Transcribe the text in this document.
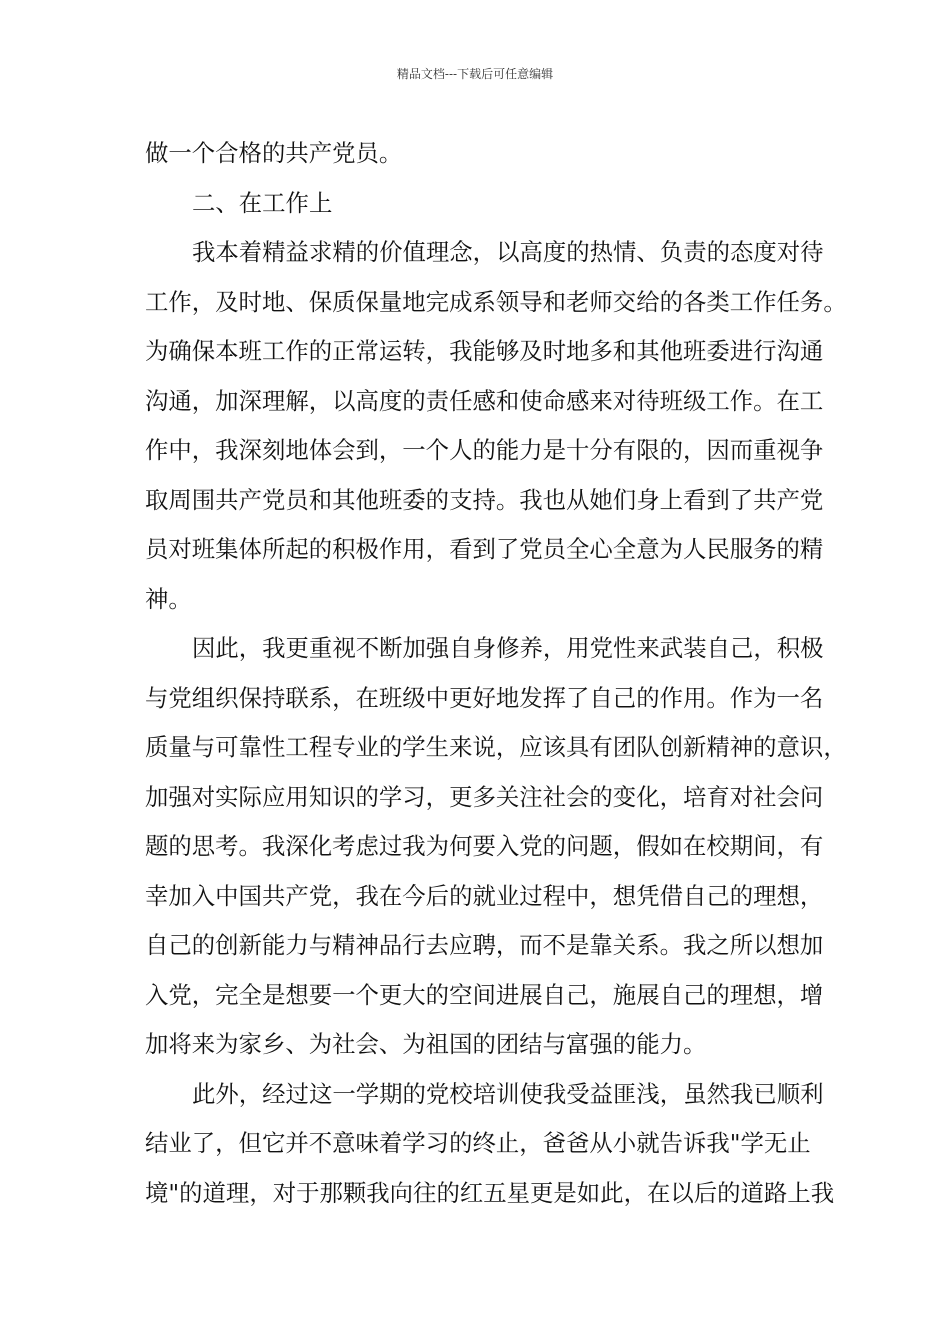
精品文档---下载后可任意编辑
做一个合格的共产党员。
二、在工作上
我本着精益求精的价值理念，以高度的热情、负责的态度对待
工作，及时地、保质保量地完成系领导和老师交给的各类工作任务。
为确保本班工作的正常运转，我能够及时地多和其他班委进行沟通
沟通，加深理解，以高度的责任感和使命感来对待班级工作。在工
作中，我深刻地体会到，一个人的能力是十分有限的，因而重视争
取周围共产党员和其他班委的支持。我也从她们身上看到了共产党
员对班集体所起的积极作用，看到了党员全心全意为人民服务的精
神。
因此，我更重视不断加强自身修养，用党性来武装自己，积极
与党组织保持联系，在班级中更好地发挥了自己的作用。作为一名
质量与可靠性工程专业的学生来说，应该具有团队创新精神的意识，
加强对实际应用知识的学习，更多关注社会的变化，培育对社会问
题的思考。我深化考虑过我为何要入党的问题，假如在校期间，有
幸加入中国共产党，我在今后的就业过程中，想凭借自己的理想，
自己的创新能力与精神品行去应聘，而不是靠关系。我之所以想加
入党，完全是想要一个更大的空间进展自己，施展自己的理想，增
加将来为家乡、为社会、为祖国的团结与富强的能力。
此外，经过这一学期的党校培训使我受益匪浅，虽然我已顺利
结业了，但它并不意味着学习的终止，爸爸从小就告诉我"学无止
境"的道理，对于那颗我向往的红五星更是如此，在以后的道路上我
